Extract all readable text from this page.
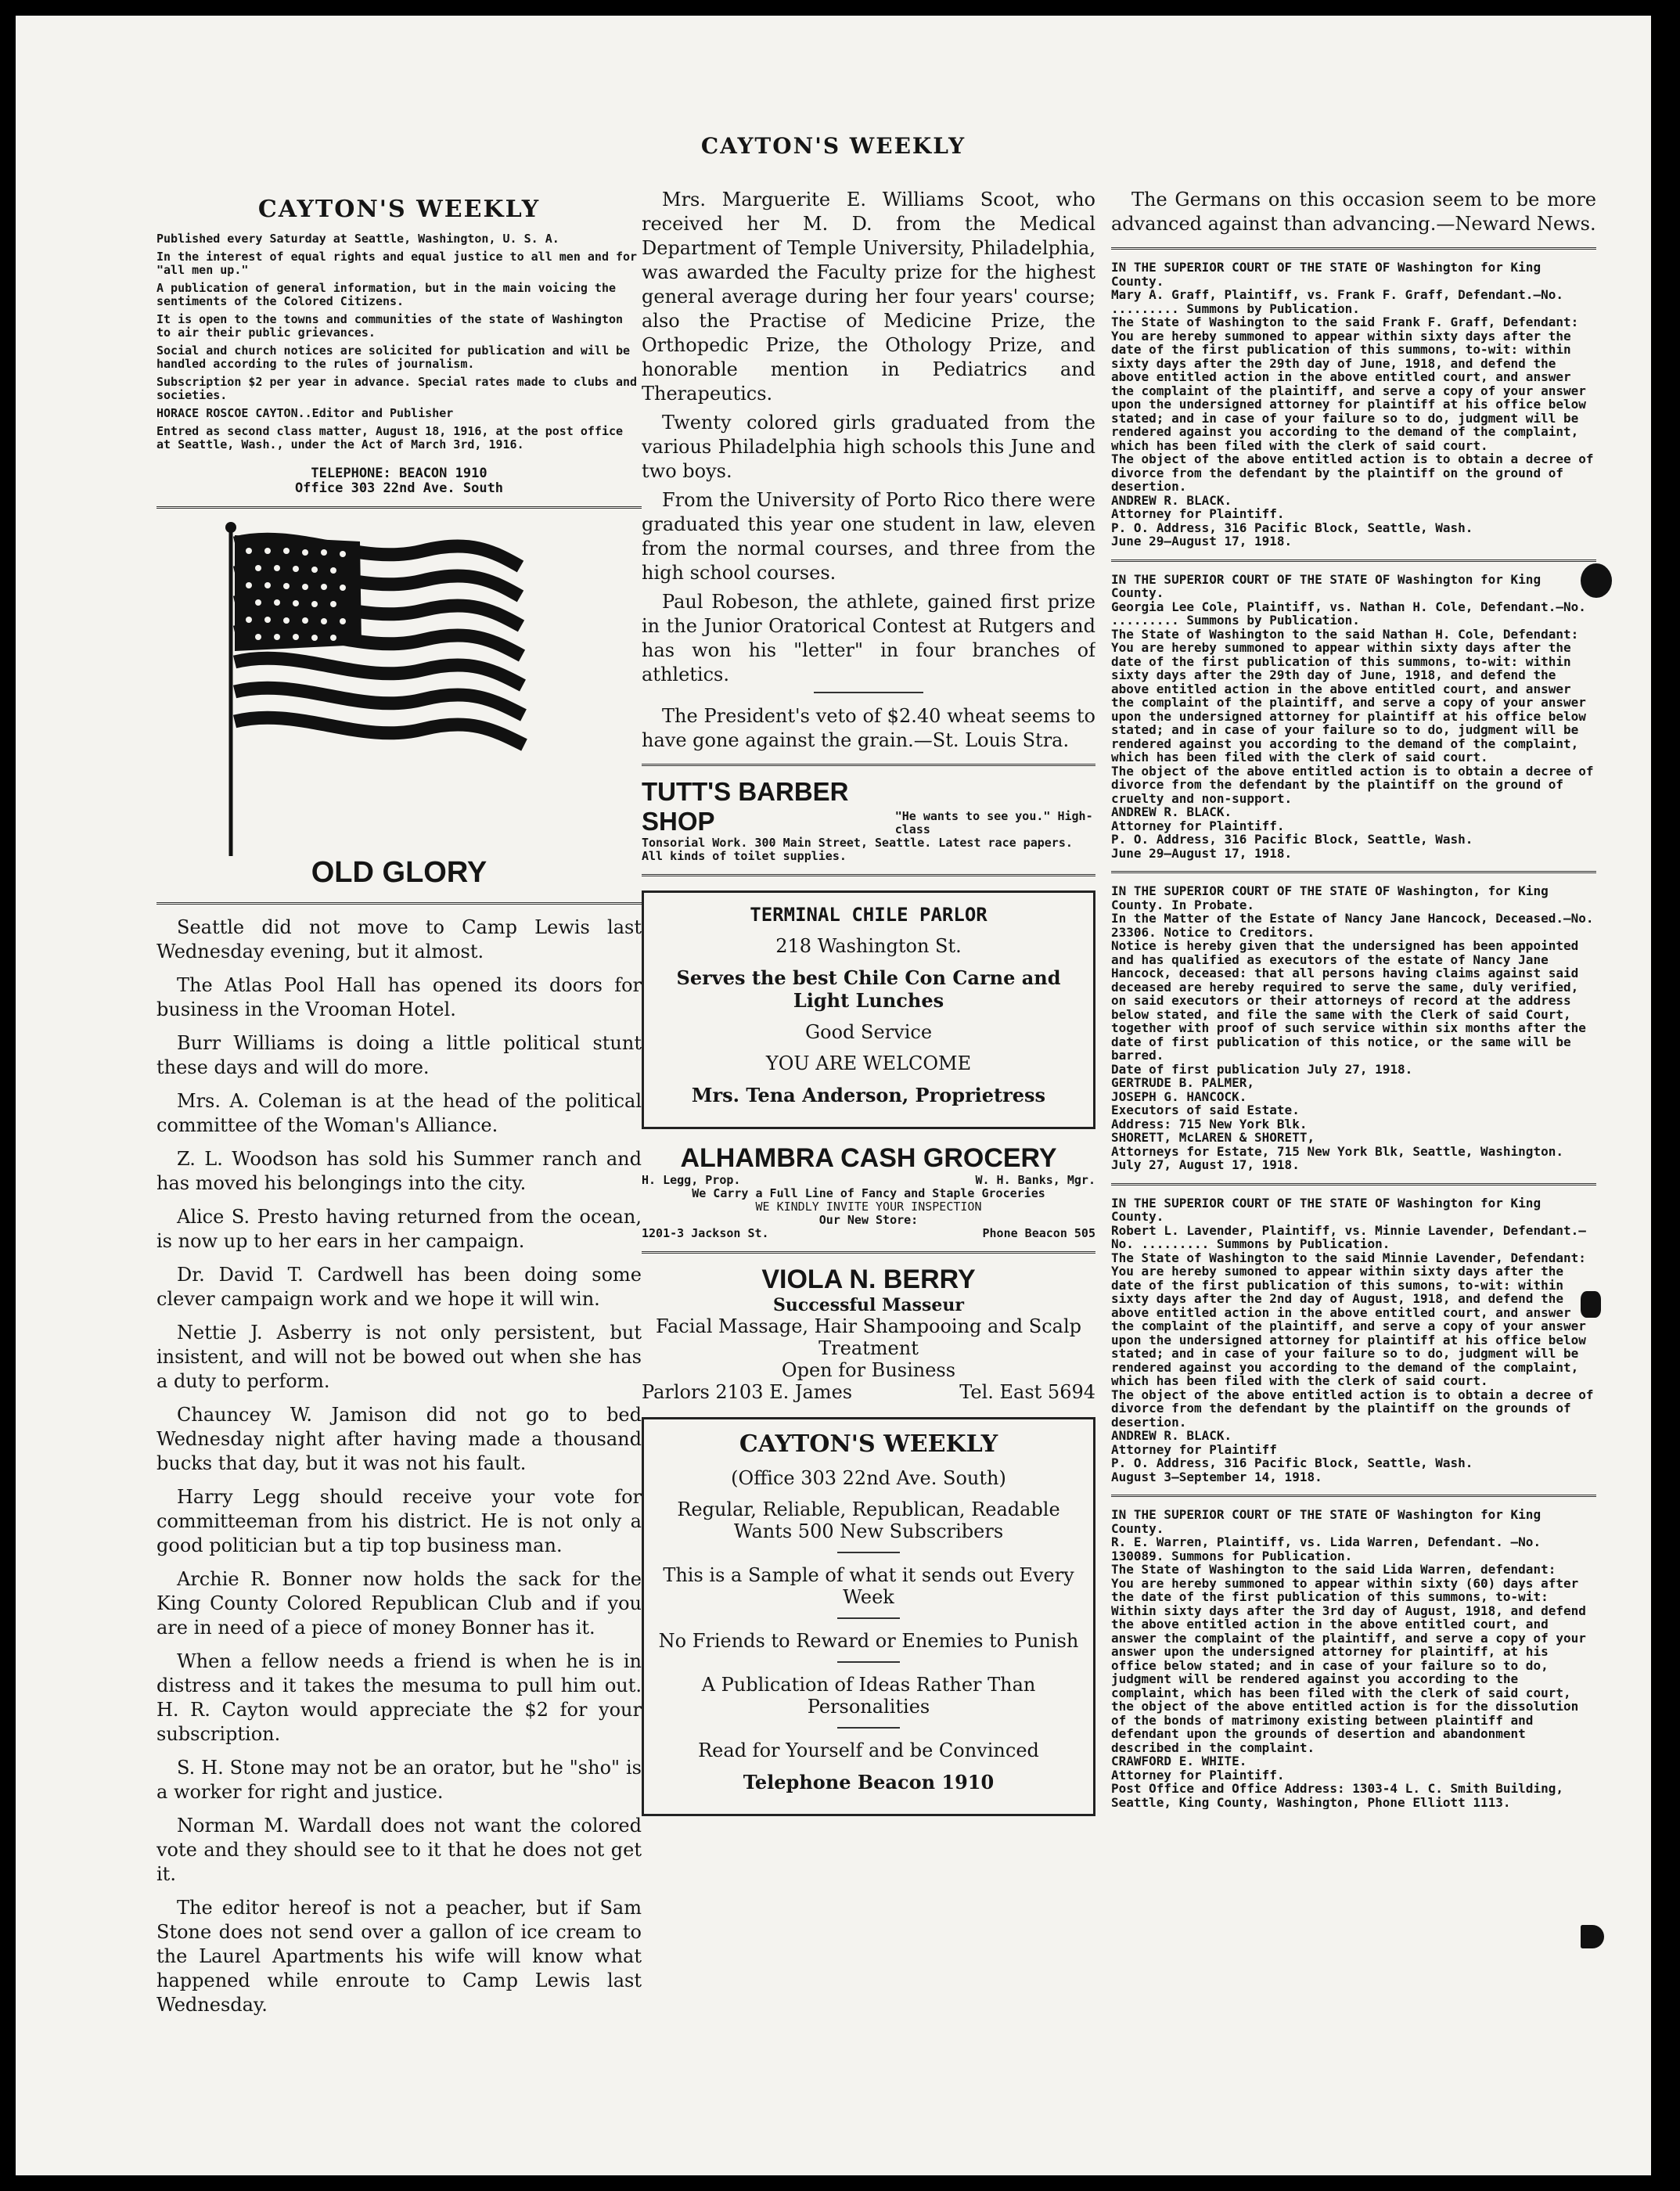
CAYTON'S WEEKLY
CAYTON'S WEEKLY

Published every Saturday at Seattle, Washington, U. S. A.

In the interest of equal rights and equal justice to all men and for "all men up."

A publication of general information, but in the main voicing the sentiments of the Colored Citizens.

It is open to the towns and communities of the state of Washington to air their public grievances.

Social and church notices are solicited for publication and will be handled according to the rules of journalism.

Subscription $2 per year in advance. Special rates made to clubs and societies.

HORACE ROSCOE CAYTON..Editor and Publisher

Entred as second class matter, August 18, 1916, at the post office at Seattle, Wash., under the Act of March 3rd, 1916.

TELEPHONE: BEACON 1910

Office 303 22nd Ave. South

OLD GLORY

Seattle did not move to Camp Lewis last Wednesday evening, but it almost.

The Atlas Pool Hall has opened its doors for business in the Vrooman Hotel.

Burr Williams is doing a little political stunt these days and will do more.

Mrs. A. Coleman is at the head of the political committee of the Woman's Alliance.

Z. L. Woodson has sold his Summer ranch and has moved his belongings into the city.

Alice S. Presto having returned from the ocean, is now up to her ears in her campaign.

Dr. David T. Cardwell has been doing some clever campaign work and we hope it will win.

Nettie J. Asberry is not only persistent, but insistent, and will not be bowed out when she has a duty to perform.

Chauncey W. Jamison did not go to bed Wednesday night after having made a thousand bucks that day, but it was not his fault.

Harry Legg should receive your vote for committeeman from his district. He is not only a good politician but a tip top business man.

Archie R. Bonner now holds the sack for the King County Colored Republican Club and if you are in need of a piece of money Bonner has it.

When a fellow needs a friend is when he is in distress and it takes the mesuma to pull him out. H. R. Cayton would appreciate the $2 for your subscription.

S. H. Stone may not be an orator, but he "sho" is a worker for right and justice.

Norman M. Wardall does not want the colored vote and they should see to it that he does not get it.

The editor hereof is not a peacher, but if Sam Stone does not send over a gallon of ice cream to the Laurel Apartments his wife will know what happened while enroute to Camp Lewis last Wednesday.

Mrs. Marguerite E. Williams Scoot, who received her M. D. from the Medical Department of Temple University, Philadelphia, was awarded the Faculty prize for the highest general average during her four years' course; also the Practise of Medicine Prize, the Orthopedic Prize, the Othology Prize, and honorable mention in Pediatrics and Therapeutics.

Twenty colored girls graduated from the various Philadelphia high schools this June and two boys.

From the University of Porto Rico there were graduated this year one student in law, eleven from the normal courses, and three from the high school courses.

Paul Robeson, the athlete, gained first prize in the Junior Oratorical Contest at Rutgers and has won his "letter" in four branches of athletics.

The President's veto of $2.40 wheat seems to have gone against the grain.—St. Louis Stra.

TUTT'S BARBER SHOP	"He wants to see you." High-class
Tonsorial Work. 300 Main Street, Seattle. Latest race papers. All kinds of toilet supplies.

TERMINAL CHILE PARLOR

218 Washington St.

Serves the best Chile Con Carne and Light Lunches

Good Service

YOU ARE WELCOME

Mrs. Tena Anderson, Proprietress

ALHAMBRA CASH GROCERY
H. Legg, Prop.	W. H. Banks, Mgr.
We Carry a Full Line of Fancy and Staple Groceries
WE KINDLY INVITE YOUR INSPECTION
Our New Store:
1201-3 Jackson St.	Phone Beacon 505
VIOLA N. BERRY
Successful Masseur
Facial Massage, Hair Shampooing and Scalp Treatment
Open for Business
Parlors 2103 E. James	Tel. East 5694

CAYTON'S WEEKLY

(Office 303 22nd Ave. South)

Regular, Reliable, Republican, Readable Wants 500 New Subscribers

This is a Sample of what it sends out Every Week

No Friends to Reward or Enemies to Punish

A Publication of Ideas Rather Than Personalities

Read for Yourself and be Convinced

Telephone Beacon 1910

The Germans on this occasion seem to be more advanced against than advancing.—Neward News.

IN THE SUPERIOR COURT OF THE STATE OF Washington for King County.
Mary A. Graff, Plaintiff, vs. Frank F. Graff, Defendant.—No. ......... Summons by Publication.
The State of Washington to the said Frank F. Graff, Defendant:
You are hereby summoned to appear within sixty days after the date of the first publication of this summons, to-wit: within sixty days after the 29th day of June, 1918, and defend the above entitled action in the above entitled court, and answer the complaint of the plaintiff, and serve a copy of your answer upon the undersigned attorney for plaintiff at his office below stated; and in case of your failure so to do, judgment will be rendered against you according to the demand of the complaint, which has been filed with the clerk of said court.
The object of the above entitled action is to obtain a decree of divorce from the defendant by the plaintiff on the ground of desertion.
ANDREW R. BLACK.
Attorney for Plaintiff.
P. O. Address, 316 Pacific Block, Seattle, Wash.
June 29—August 17, 1918.

IN THE SUPERIOR COURT OF THE STATE OF Washington for King County.
Georgia Lee Cole, Plaintiff, vs. Nathan H. Cole, Defendant.—No. ......... Summons by Publication.
The State of Washington to the said Nathan H. Cole, Defendant:
You are hereby summoned to appear within sixty days after the date of the first publication of this summons, to-wit: within sixty days after the 29th day of June, 1918, and defend the above entitled action in the above entitled court, and answer the complaint of the plaintiff, and serve a copy of your answer upon the undersigned attorney for plaintiff at his office below stated; and in case of your failure so to do, judgment will be rendered against you according to the demand of the complaint, which has been filed with the clerk of said court.
The object of the above entitled action is to obtain a decree of divorce from the defendant by the plaintiff on the ground of cruelty and non-support.
ANDREW R. BLACK.
Attorney for Plaintiff.
P. O. Address, 316 Pacific Block, Seattle, Wash.
June 29—August 17, 1918.

IN THE SUPERIOR COURT OF THE STATE OF Washington, for King County. In Probate.
In the Matter of the Estate of Nancy Jane Hancock, Deceased.—No. 23306. Notice to Creditors.
Notice is hereby given that the undersigned has been appointed and has qualified as executors of the estate of Nancy Jane Hancock, deceased: that all persons having claims against said deceased are hereby required to serve the same, duly verified, on said executors or their attorneys of record at the address below stated, and file the same with the Clerk of said Court, together with proof of such service within six months after the date of first publication of this notice, or the same will be barred.
Date of first publication July 27, 1918.
GERTRUDE B. PALMER,
JOSEPH G. HANCOCK.
Executors of said Estate.
Address: 715 New York Blk.
SHORETT, McLAREN & SHORETT,
Attorneys for Estate, 715 New York Blk, Seattle, Washington.
July 27, August 17, 1918.

IN THE SUPERIOR COURT OF THE STATE OF Washington for King County.
Robert L. Lavender, Plaintiff, vs. Minnie Lavender, Defendant.—No. ......... Summons by Publication.
The State of Washington to the said Minnie Lavender, Defendant:
You are hereby sumoned to appear within sixty days after the date of the first publication of this sumons, to-wit: within sixty days after the 2nd day of August, 1918, and defend the above entitled action in the above entitled court, and answer the complaint of the plaintiff, and serve a copy of your answer upon the undersigned attorney for plaintiff at his office below stated; and in case of your failure so to do, judgment will be rendered against you according to the demand of the complaint, which has been filed with the clerk of said court.
The object of the above entitled action is to obtain a decree of divorce from the defendant by the plaintiff on the grounds of desertion.
ANDREW R. BLACK.
Attorney for Plaintiff
P. O. Address, 316 Pacific Block, Seattle, Wash.
August 3—September 14, 1918.

IN THE SUPERIOR COURT OF THE STATE OF Washington for King County.
R. E. Warren, Plaintiff, vs. Lida Warren, Defendant. —No. 130089. Summons for Publication.
The State of Washington to the said Lida Warren, defendant:
You are hereby summoned to appear within sixty (60) days after the date of the first publication of this summons, to-wit: Within sixty days after the 3rd day of August, 1918, and defend the above entitled action in the above entitled court, and answer the complaint of the plaintiff, and serve a copy of your answer upon the undersigned attorney for plaintiff, at his office below stated; and in case of your failure so to do, judgment will be rendered against you according to the complaint, which has been filed with the clerk of said court, the object of the above entitled action is for the dissolution of the bonds of matrimony existing between plaintiff and defendant upon the grounds of desertion and abandonment described in the complaint.
CRAWFORD E. WHITE.
Attorney for Plaintiff.
Post Office and Office Address: 1303-4 L. C. Smith Building, Seattle, King County, Washington, Phone Elliott 1113.
